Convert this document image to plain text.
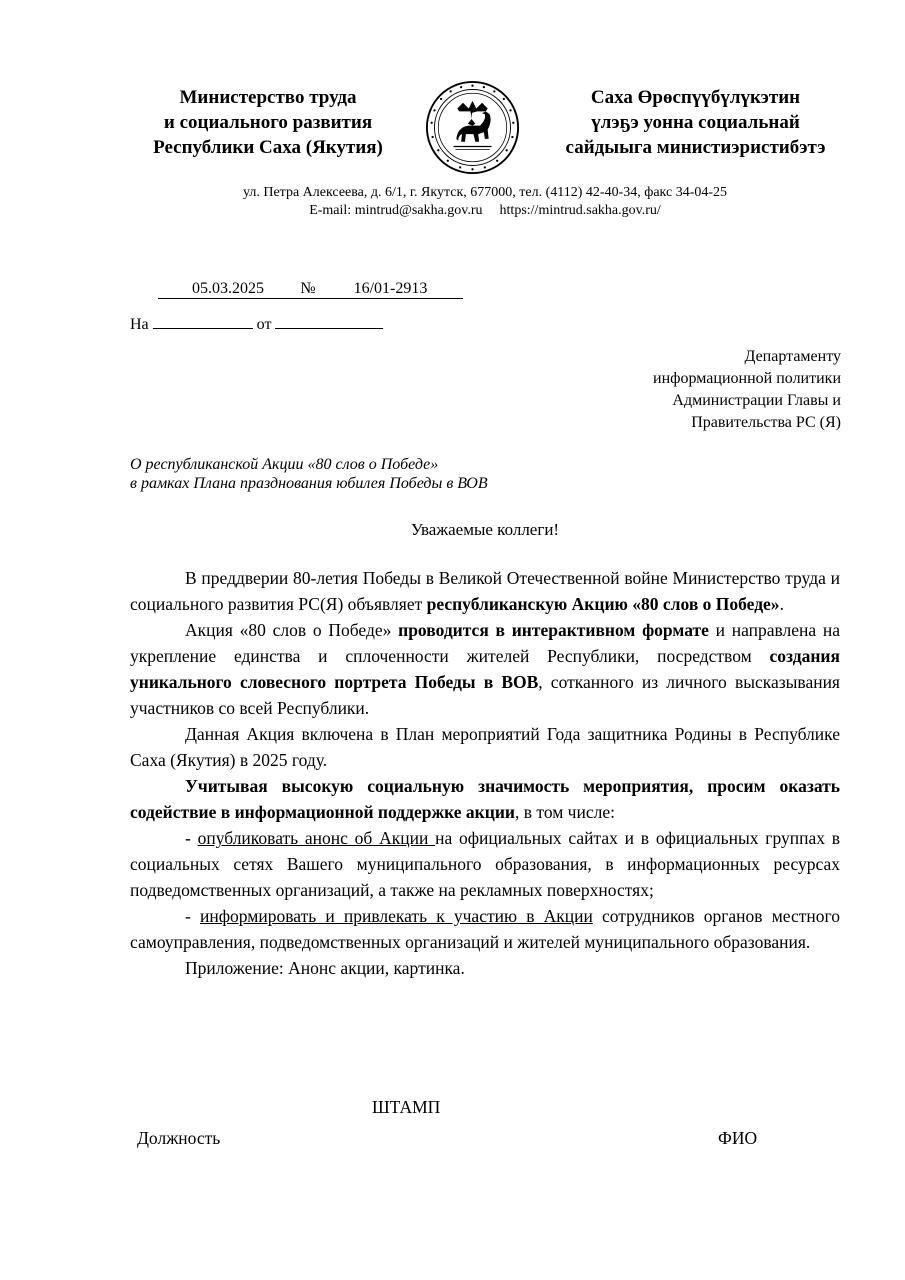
Министерство труда
и социального развития
Республики Саха (Якутия)
Саха Өрөспүүбүлүкэтин
үлэҕэ уонна социальнай
сайдыыга министиэристибэтэ
ул. Петра Алексеева, д. 6/1, г. Якутск, 677000, тел. (4112) 42-40-34, факс 34-04-25
E-mail: mintrud@sakha.gov.ru https://mintrud.sakha.gov.ru/
05.03.2025 № 16/01-2913
На	от
Департаменту
информационной политики
Администрации Главы и
Правительства РС (Я)
О республиканской Акции «80 слов о Победе»
в рамках Плана празднования юбилея Победы в ВОВ
Уважаемые коллеги!

В преддверии 80-летия Победы в Великой Отечественной войне Министерство труда и социального развития РС(Я) объявляет республиканскую Акцию «80 слов о Победе».

Акция «80 слов о Победе» проводится в интерактивном формате и направлена на укрепление единства и сплоченности жителей Республики, посредством создания уникального словесного портрета Победы в ВОВ, сотканного из личного высказывания участников со всей Республики.

Данная Акция включена в План мероприятий Года защитника Родины в Республике Саха (Якутия) в 2025 году.

Учитывая высокую социальную значимость мероприятия, просим оказать содействие в информационной поддержке акции, в том числе:

- опубликовать анонс об Акции на официальных сайтах и в официальных группах в социальных сетях Вашего муниципального образования, в информационных ресурсах подведомственных организаций, а также на рекламных поверхностях;

- информировать и привлекать к участию в Акции сотрудников органов местного самоуправления, подведомственных организаций и жителей муниципального образования.

Приложение: Анонс акции, картинка.

ШТАМП
Должность	ФИО
